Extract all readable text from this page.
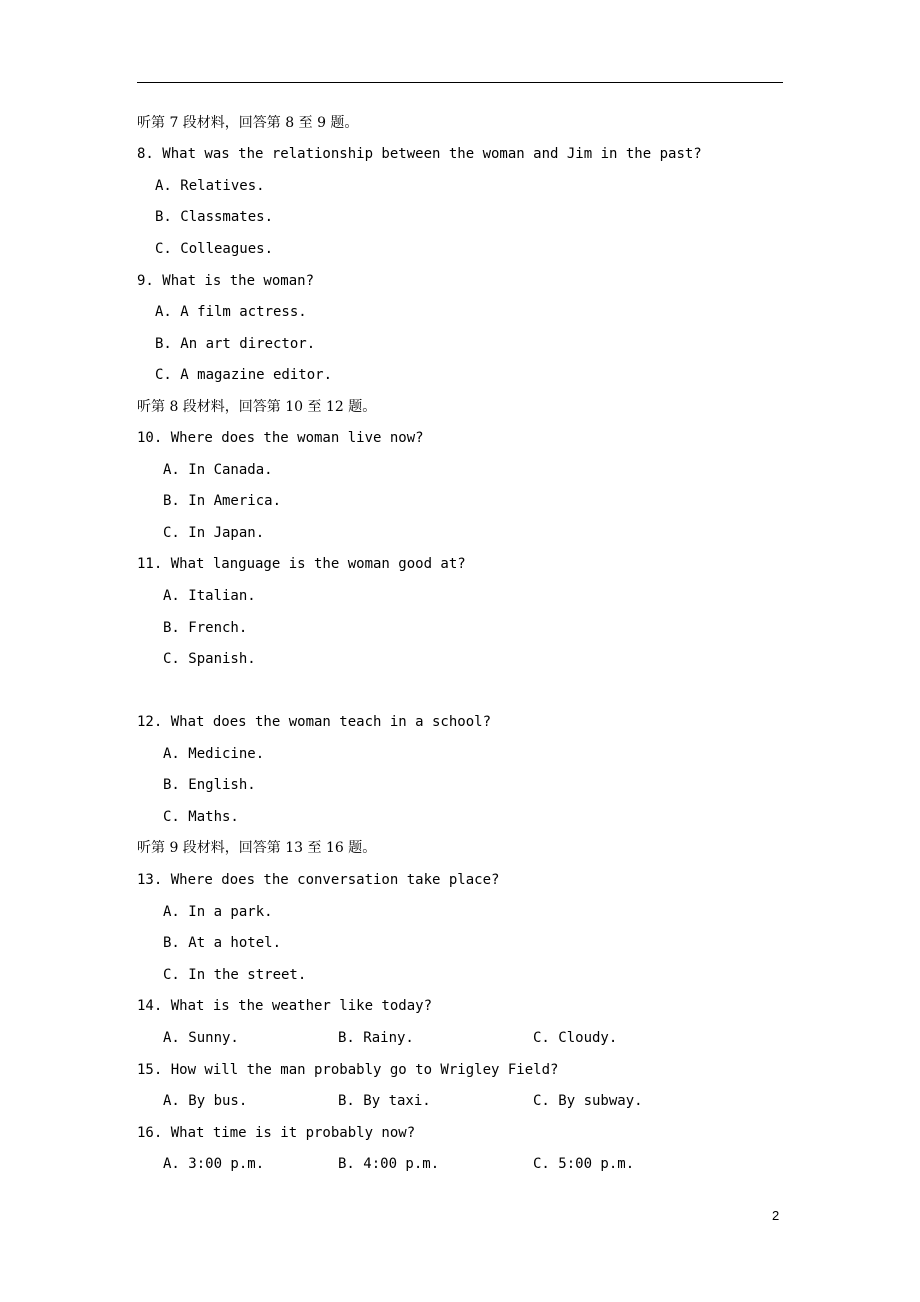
听第 7 段材料，回答第 8 至 9 题。
8. What was the relationship between the woman and Jim in the past?
A. Relatives.
B. Classmates.
C. Colleagues.
9. What is the woman?
A. A film actress.
B. An art director.
C. A magazine editor.
听第 8 段材料，回答第 10 至 12 题。
10. Where does the woman live now?
A. In Canada.
B. In America.
C. In Japan.
11. What language is the woman good at?
A. Italian.
B. French.
C. Spanish.
12. What does the woman teach in a school?
A. Medicine.
B. English.
C. Maths.
听第 9 段材料，回答第 13 至 16 题。
13. Where does the conversation take place?
A. In a park.
B. At a hotel.
C. In the street.
14. What is the weather like today?
A. Sunny.	B. Rainy.	C. Cloudy.
15. How will the man probably go to Wrigley Field?
A. By bus.	B. By taxi.	C. By subway.
16. What time is it probably now?
A. 3:00 p.m.	B. 4:00 p.m.	C. 5:00 p.m.
2
